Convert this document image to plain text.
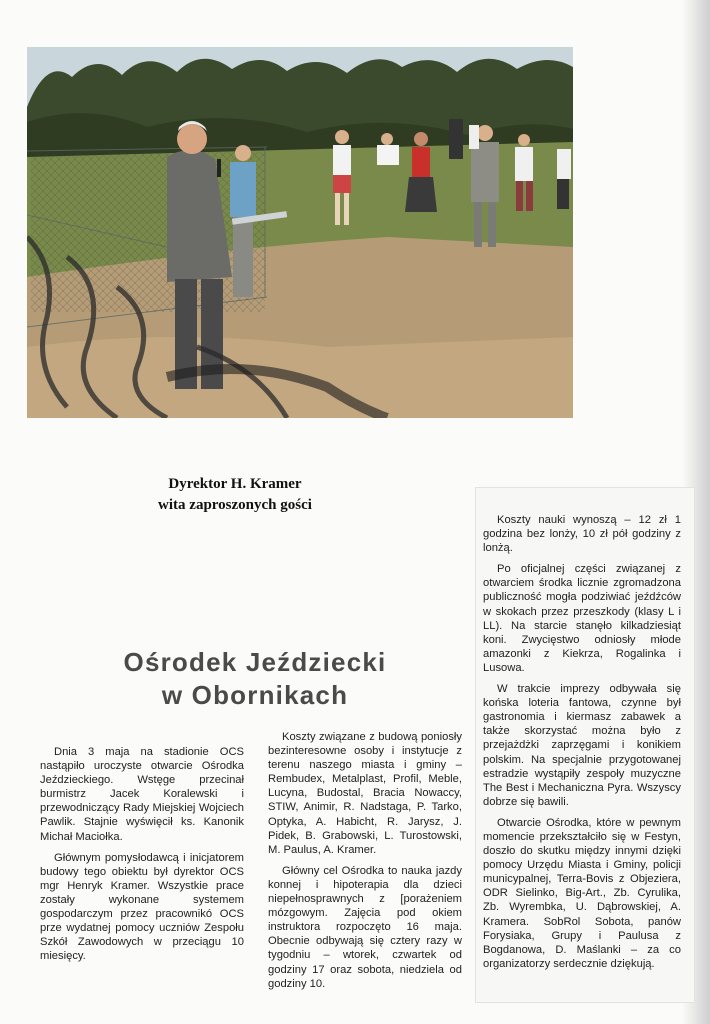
Dyrektor H. Kramer
wita zaproszonych gości
Ośrodek Jeździecki
w Obornikach

Dnia 3 maja na stadionie OCS nastąpiło uroczyste otwarcie Ośrodka Jeździeckiego. Wstęge przecinał burmistrz Jacek Koralewski i przewodniczący Rady Miejskiej Wojciech Pawlik. Stajnie wyświęcił ks. Kanonik Michał Maciołka.

Głównym pomysłodawcą i inicjatorem budowy tego obiektu był dyrektor OCS mgr Henryk Kramer. Wszystkie prace zostały wykonane systemem gospodarczym przez pracownikó OCS prze wydatnej pomocy uczniów Zespołu Szkół Zawodowych w przeciągu 10 miesięcy.

Koszty związane z budową poniosły bezinteresowne osoby i instytucje z terenu naszego miasta i gminy – Rembudex, Metalplast, Profil, Meble, Lucyna, Budostal, Bracia Nowaccy, STIW, Animir, R. Nadstaga, P. Tarko, Optyka, A. Habicht, R. Jarysz, J. Pidek, B. Grabowski, L. Turostowski, M. Paulus, A. Kramer.

Główny cel Ośrodka to nauka jazdy konnej i hipoterapia dla dzieci niepełnosprawnych z [porażeniem mózgowym. Zajęcia pod okiem instruktora rozpoczęto 16 maja. Obecnie odbywają się cztery razy w tygodniu – wtorek, czwartek od godziny 17 oraz sobota, niedziela od godziny 10.

Koszty nauki wynoszą – 12 zł 1 godzina bez lonży, 10 zł pół godziny z lonżą.

Po oficjalnej części związanej z otwarciem środka licznie zgromadzona publiczność mogła podziwiać jeźdźców w skokach przez przeszkody (klasy L i LL). Na starcie stanęło kilkadziesiąt koni. Zwycięstwo odniosły młode amazonki z Kiekrza, Rogalinka i Lusowa.

W trakcie imprezy odbywała się końska loteria fantowa, czynne był gastronomia i kiermasz zabawek a także skorzystać można było z przejażdżki zaprzęgami i konikiem polskim. Na specjalnie przygotowanej estradzie wystąpiły zespoły muzyczne The Best i Mechaniczna Pyra. Wszyscy dobrze się bawili.

Otwarcie Ośrodka, które w pewnym momencie przekształciło się w Festyn, doszło do skutku między innymi dzięki pomocy Urzędu Miasta i Gminy, policji municypalnej, Terra-Bovis z Objeziera, ODR Sielinko, Big-Art., Zb. Cyrulika, Zb. Wyrembka, U. Dąbrowskiej, A. Kramera. SobRol Sobota, panów Forysiaka, Grupy i Paulusa z Bogdanowa, D. Maślanki – za co organizatorzy serdecznie dziękują.
